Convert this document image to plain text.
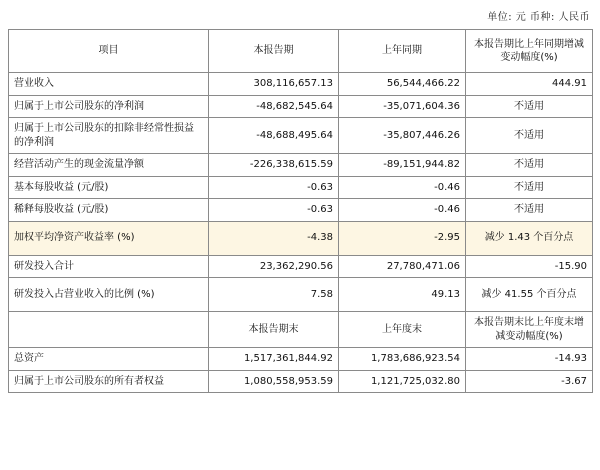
单位: 元 币种: 人民币
项目	本报告期	上年同期	本报告期比上年同期增减变动幅度(%)
营业收入	308,116,657.13	56,544,466.22	444.91
归属于上市公司股东的净利润	-48,682,545.64	-35,071,604.36	不适用
归属于上市公司股东的扣除非经常性损益的净利润	-48,688,495.64	-35,807,446.26	不适用
经营活动产生的现金流量净额	-226,338,615.59	-89,151,944.82	不适用
基本每股收益 (元/股)	-0.63	-0.46	不适用
稀释每股收益 (元/股)	-0.63	-0.46	不适用
加权平均净资产收益率 (%)	-4.38	-2.95	减少 1.43 个百分点
研发投入合计	23,362,290.56	27,780,471.06	-15.90
研发投入占营业收入的比例 (%)	7.58	49.13	减少 41.55 个百分点
	本报告期末	上年度末	本报告期末比上年度末增减变动幅度(%)
总资产	1,517,361,844.92	1,783,686,923.54	-14.93
归属于上市公司股东的所有者权益	1,080,558,953.59	1,121,725,032.80	-3.67
